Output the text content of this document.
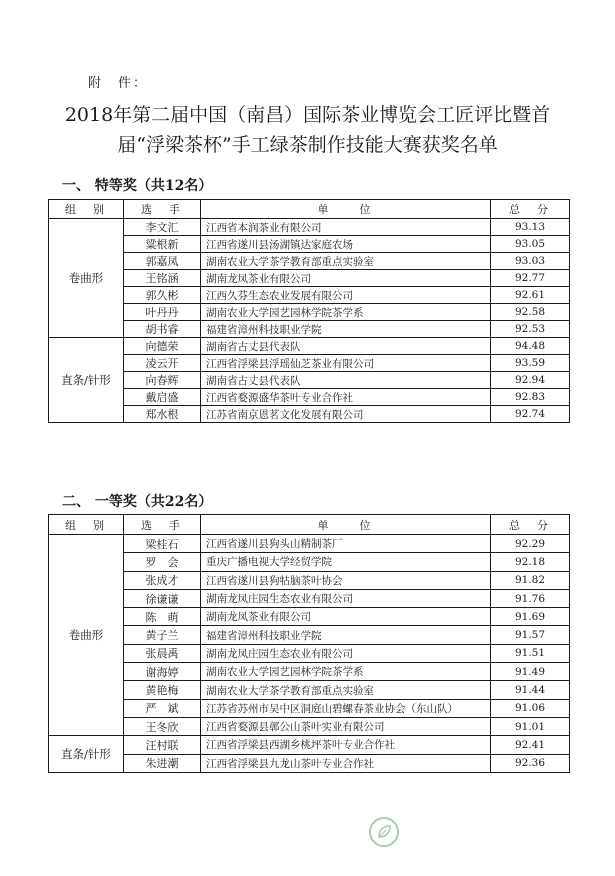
附　件：
2018年第二届中国（南昌）国际茶业博览会工匠评比暨首
届“浮梁茶杯”手工绿茶制作技能大赛获奖名单
一、 特等奖（共12名）
组　别	选　手	单　　位	总　分
卷曲形	李文汇	江西省本润茶业有限公司	93.13
	粱根新	江西省遂川县汤湖镇达家庭农场	93.05
	郭嘉凤	湖南农业大学茶学教育部重点实验室	93.03
	王铭涵	湖南龙凤茶业有限公司	92.77
	郭久彬	江西久芬生态农业发展有限公司	92.61
	叶丹丹	湖南农业大学园艺园林学院茶学系	92.58
	胡书睿	福建省漳州科技职业学院	92.53
直条/针形	向德荣	湖南省古丈县代表队	94.48
	凌云开	江西省浮梁县浮瑶仙芝茶业有限公司	93.59
	向春辉	湖南省古丈县代表队	92.94
	戴启盛	江西省婺源盛华茶叶专业合作社	92.83
	郑水根	江苏省南京恩茗文化发展有限公司	92.74
二、 一等奖（共22名）
组　别	选　手	单　　位	总　分
卷曲形	梁桂石	江西省遂川县狗头山精制茶厂	92.29
	罗　会	重庆广播电视大学经贸学院	92.18
	张成才	江西省遂川县狗牯脑茶叶协会	91.82
	徐谦谦	湖南龙凤庄园生态农业有限公司	91.76
	陈　萌	湖南龙凤茶业有限公司	91.69
	黄子兰	福建省漳州科技职业学院	91.57
	张晨禹	湖南龙凤庄园生态农业有限公司	91.51
	谢海婷	湖南农业大学园艺园林学院茶学系	91.49
	黄艳梅	湖南农业大学茶学教育部重点实验室	91.44
	严　斌	江苏省苏州市吴中区洞庭山碧螺春茶业协会（东山队）	91.06
	王冬欣	江西省婺源县鄣公山茶叶实业有限公司	91.01
直条/针形	汪村联	江西省浮梁县西湖乡桃坪茶叶专业合作社	92.41
	朱进潮	江西省浮梁县九龙山茶叶专业合作社	92.36
